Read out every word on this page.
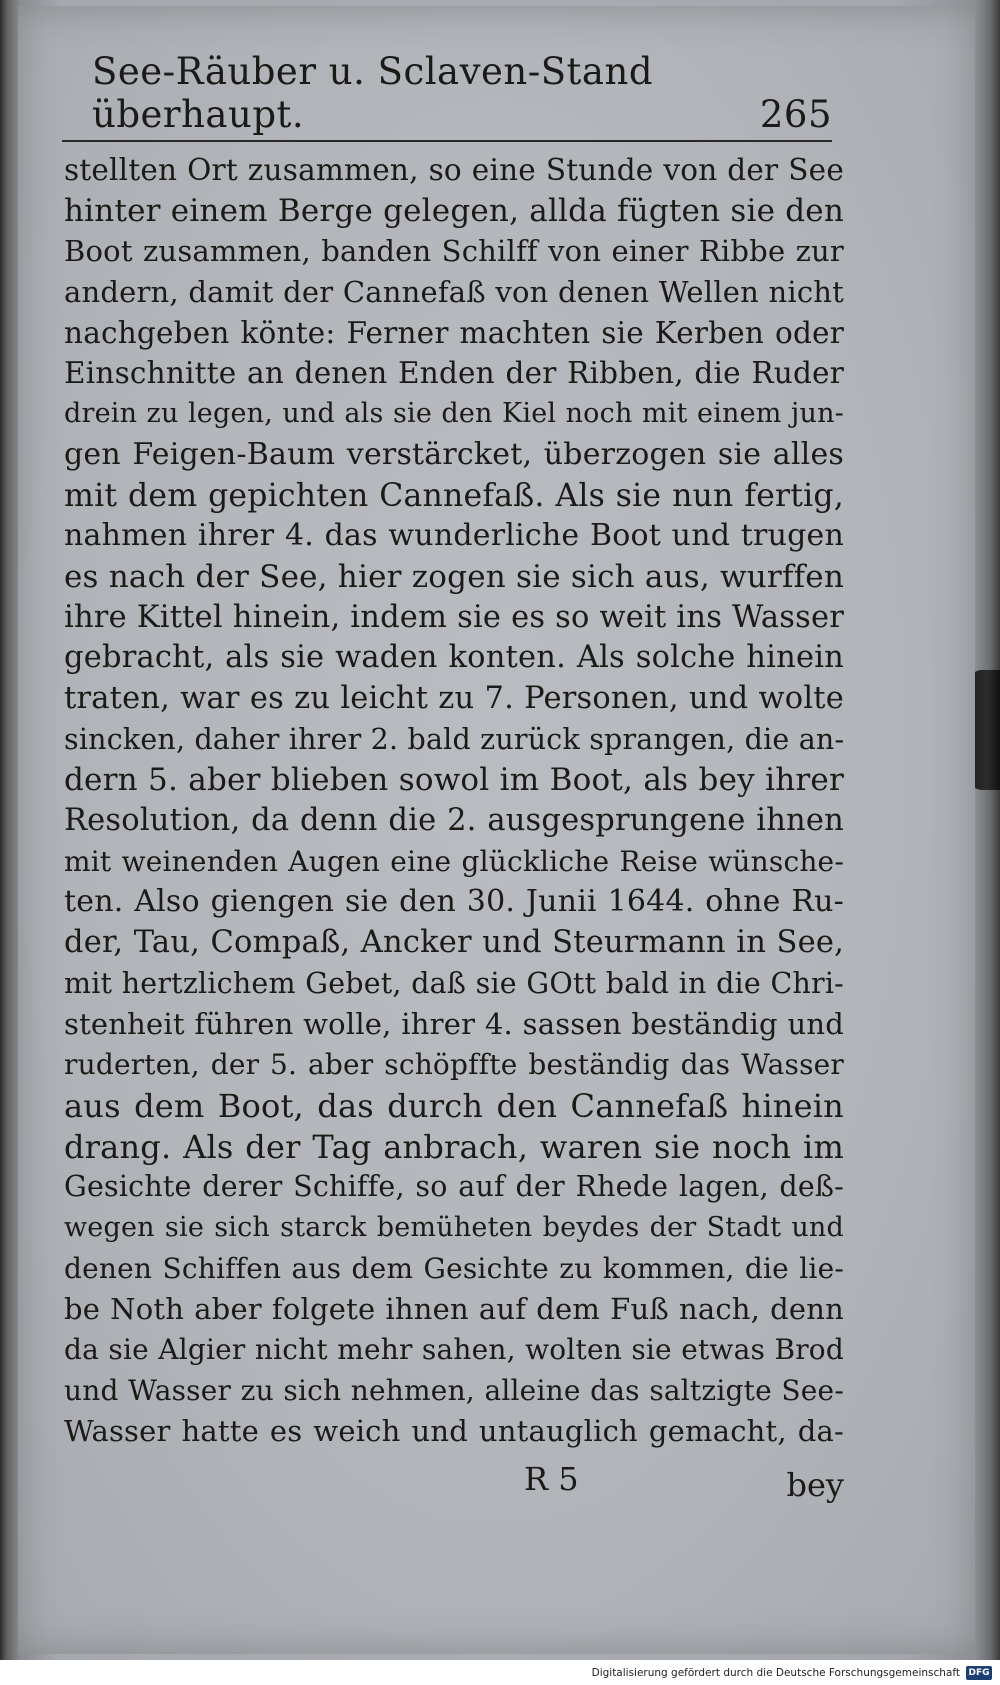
See-Räuber u. Sclaven-Stand überhaupt.	265
stellten Ort zusammen, so eine Stunde von der See
hinter einem Berge gelegen, allda fügten sie den
Boot zusammen, banden Schilff von einer Ribbe zur
andern, damit der Cannefaß von denen Wellen nicht
nachgeben könte: Ferner machten sie Kerben oder
Einschnitte an denen Enden der Ribben, die Ruder
drein zu legen, und als sie den Kiel noch mit einem jun-
gen Feigen-Baum verstärcket, überzogen sie alles
mit dem gepichten Cannefaß. Als sie nun fertig,
nahmen ihrer 4. das wunderliche Boot und trugen
es nach der See, hier zogen sie sich aus, wurffen
ihre Kittel hinein, indem sie es so weit ins Wasser
gebracht, als sie waden konten. Als solche hinein
traten, war es zu leicht zu 7. Personen, und wolte
sincken, daher ihrer 2. bald zurück sprangen, die an-
dern 5. aber blieben sowol im Boot, als bey ihrer
Resolution, da denn die 2. ausgesprungene ihnen
mit weinenden Augen eine glückliche Reise wünsche-
ten. Also giengen sie den 30. Junii 1644. ohne Ru-
der, Tau, Compaß, Ancker und Steurmann in See,
mit hertzlichem Gebet, daß sie GOtt bald in die Chri-
stenheit führen wolle, ihrer 4. sassen beständig und
ruderten, der 5. aber schöpffte beständig das Wasser
aus dem Boot, das durch den Cannefaß hinein
drang. Als der Tag anbrach, waren sie noch im
Gesichte derer Schiffe, so auf der Rhede lagen, deß-
wegen sie sich starck bemüheten beydes der Stadt und
denen Schiffen aus dem Gesichte zu kommen, die lie-
be Noth aber folgete ihnen auf dem Fuß nach, denn
da sie Algier nicht mehr sahen, wolten sie etwas Brod
und Wasser zu sich nehmen, alleine das saltzigte See-
Wasser hatte es weich und untauglich gemacht, da-
R 5	bey
Digitalisierung gefördert durch die Deutsche Forschungsgemeinschaft DFG
